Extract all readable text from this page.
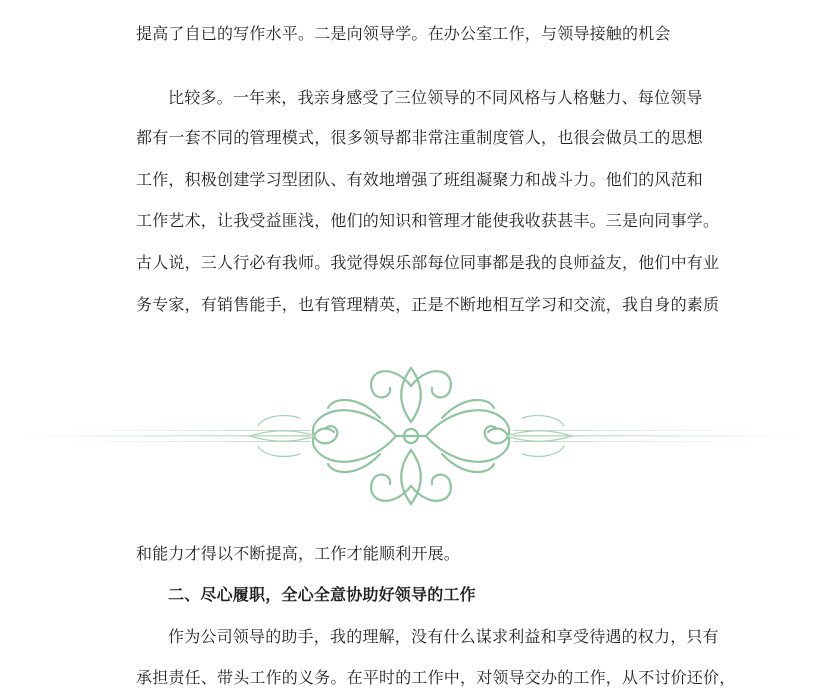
提高了自已的写作水平。二是向领导学。在办公室工作，与领导接触的机会
比较多。一年来，我亲身感受了三位领导的不同风格与人格魅力、每位领导
都有一套不同的管理模式，很多领导都非常注重制度管人，也很会做员工的思想
工作，积极创建学习型团队、有效地增强了班组凝聚力和战斗力。他们的风范和
工作艺术，让我受益匪浅，他们的知识和管理才能使我收获甚丰。三是向同事学。
古人说，三人行必有我师。我觉得娱乐部每位同事都是我的良师益友，他们中有业
务专家，有销售能手，也有管理精英，正是不断地相互学习和交流，我自身的素质
和能力才得以不断提高，工作才能顺利开展。
二、尽心履职，全心全意协助好领导的工作
作为公司领导的助手，我的理解，没有什么谋求利益和享受待遇的权力，只有
承担责任、带头工作的义务。在平时的工作中，对领导交办的工作，从不讨价还价，
